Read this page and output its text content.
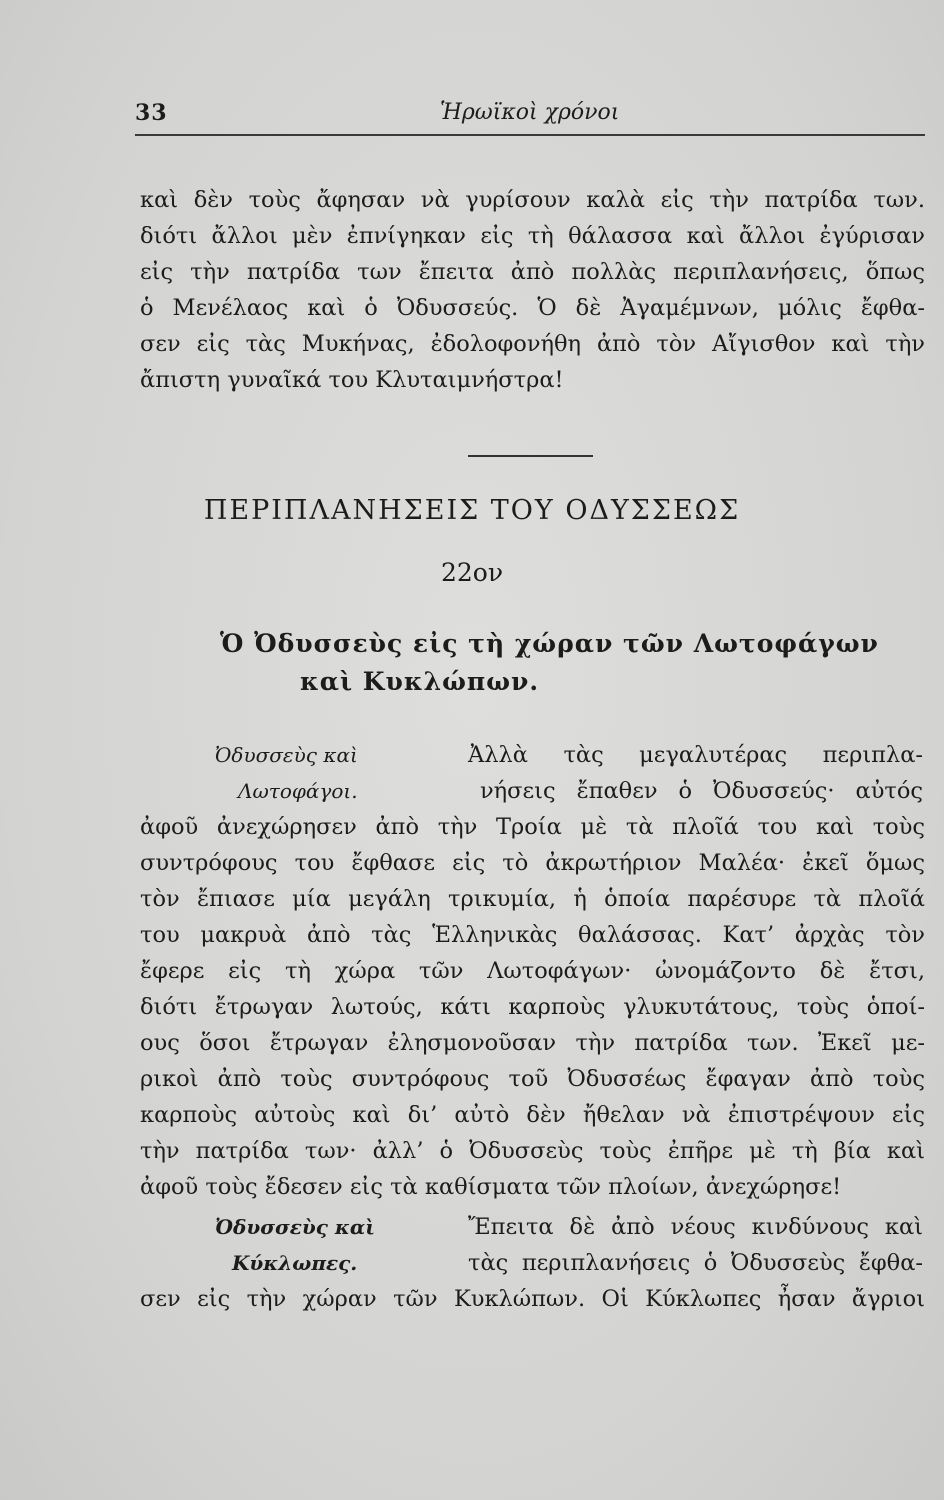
33	Ἡρωϊκοὶ χρόνοι
καὶ δὲν τοὺς ἄφησαν νὰ γυρίσουν καλὰ εἰς τὴν πατρίδα των.
διότι ἄλλοι μὲν ἐπνίγηκαν εἰς τὴ θάλασσα καὶ ἄλλοι ἐγύρισαν
εἰς τὴν πατρίδα των ἔπειτα ἀπὸ πολλὰς περιπλανήσεις, ὅπως
ὁ Μενέλαος καὶ ὁ Ὀδυσσεύς. Ὁ δὲ Ἀγαμέμνων, μόλις ἔφθα-
σεν εἰς τὰς Μυκήνας, ἐδολοφονήθη ἀπὸ τὸν Αἴγισθον καὶ τὴν
ἄπιστη γυναῖκά του Κλυταιμνήστρα!
ΠΕΡΙΠΛΑΝΗΣΕΙΣ ΤΟΥ ΟΔΥΣΣΕΩΣ
22ον
Ὁ Ὀδυσσεὺς εἰς τὴ χώραν τῶν Λωτοφάγων
καὶ Κυκλώπων.
Ὀδυσσεὺς καὶ
Λωτοφάγοι.
Ἀλλὰ τὰς μεγαλυτέρας περιπλα-
νήσεις ἔπαθεν ὁ Ὀδυσσεύς· αὐτός
ἀφοῦ ἀνεχώρησεν ἀπὸ τὴν Τροία μὲ τὰ πλοῖά του καὶ τοὺς
συντρόφους του ἔφθασε εἰς τὸ ἀκρωτήριον Μαλέα· ἐκεῖ ὅμως
τὸν ἔπιασε μία μεγάλη τρικυμία, ἡ ὁποία παρέσυρε τὰ πλοῖά
του μακρυὰ ἀπὸ τὰς Ἑλληνικὰς θαλάσσας. Κατ’ ἀρχὰς τὸν
ἔφερε εἰς τὴ χώρα τῶν Λωτοφάγων· ὠνομάζοντο δὲ ἔτσι,
διότι ἔτρωγαν λωτούς, κάτι καρποὺς γλυκυτάτους, τοὺς ὁποί-
ους ὅσοι ἔτρωγαν ἐλησμονοῦσαν τὴν πατρίδα των. Ἐκεῖ με-
ρικοὶ ἀπὸ τοὺς συντρόφους τοῦ Ὀδυσσέως ἔφαγαν ἀπὸ τοὺς
καρποὺς αὐτοὺς καὶ δι’ αὐτὸ δὲν ἤθελαν νὰ ἐπιστρέψουν εἰς
τὴν πατρίδα των· ἀλλ’ ὁ Ὀδυσσεὺς τοὺς ἐπῆρε μὲ τὴ βία καὶ
ἀφοῦ τοὺς ἔδεσεν εἰς τὰ καθίσματα τῶν πλοίων, ἀνεχώρησε!
Ὀδυσσεὺς καὶ
Κύκλωπες.
Ἔπειτα δὲ ἀπὸ νέους κινδύνους καὶ
τὰς περιπλανήσεις ὁ Ὀδυσσεὺς ἔφθα-
σεν εἰς τὴν χώραν τῶν Κυκλώπων. Οἱ Κύκλωπες ἦσαν ἄγριοι
